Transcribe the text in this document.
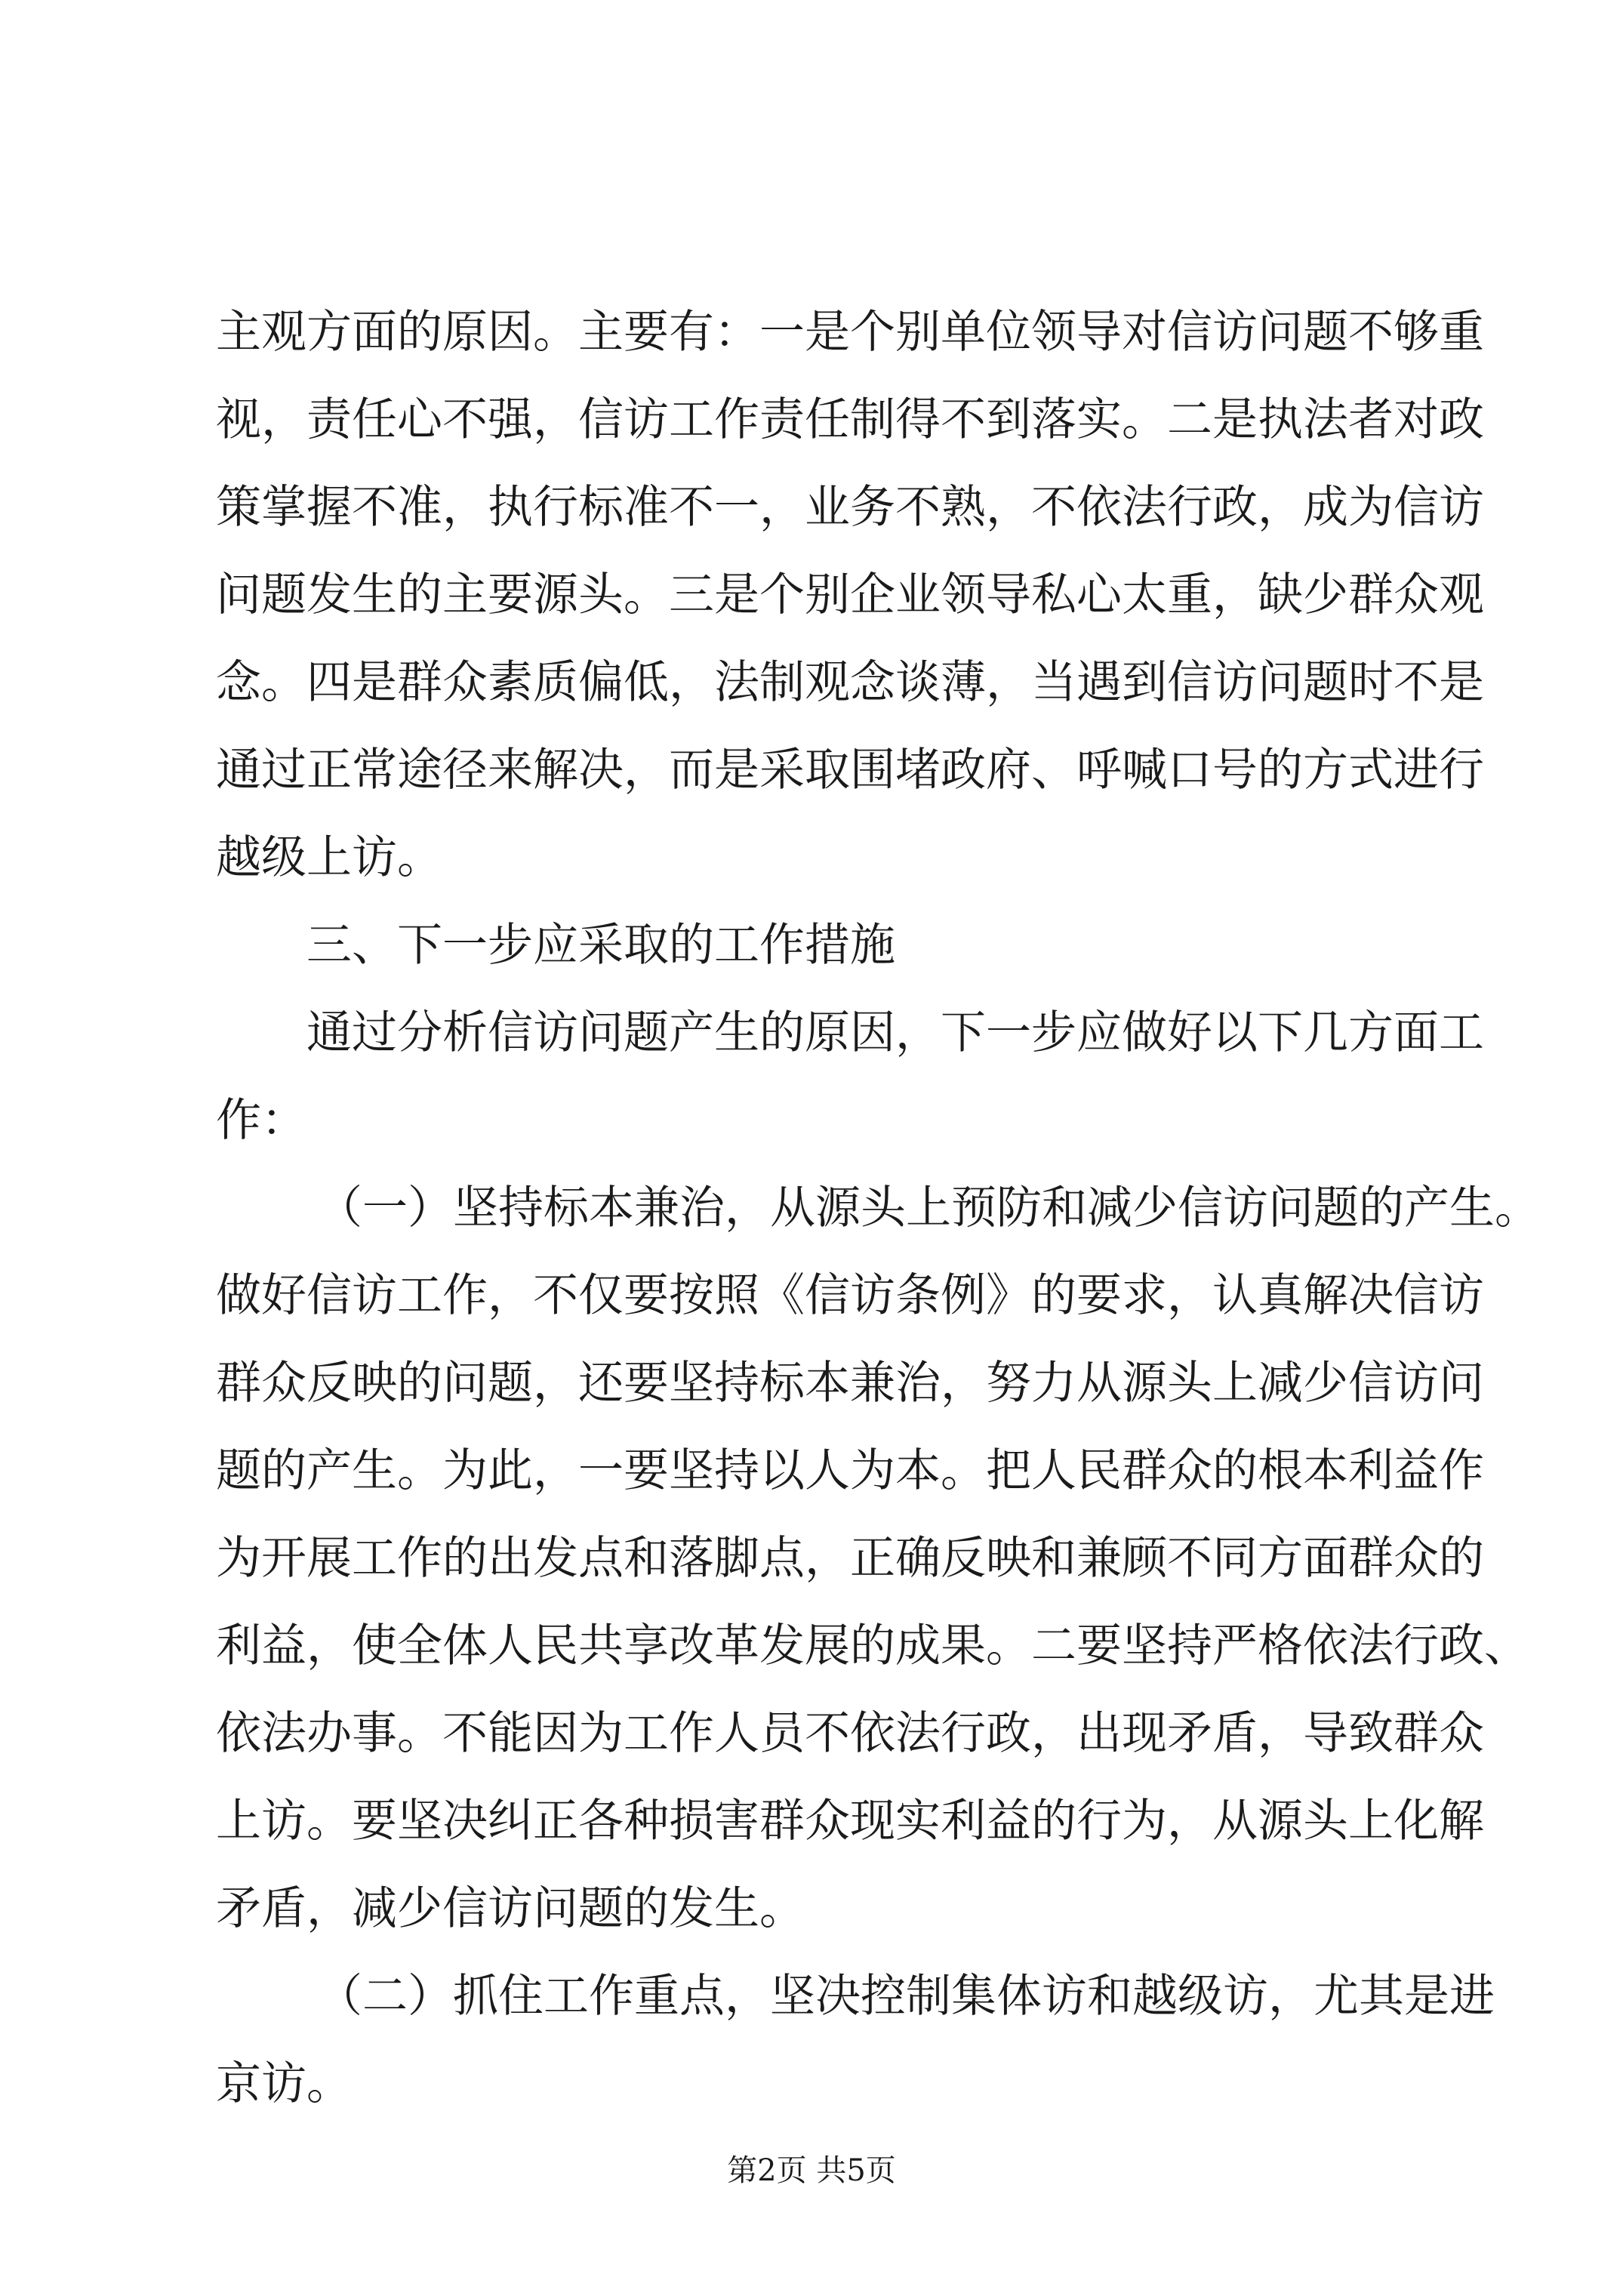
主观方面的原因。主要有：一是个别单位领导对信访问题不够重
视，责任心不强，信访工作责任制得不到落实。二是执法者对政
策掌握不准，执行标准不一，业务不熟，不依法行政，成为信访
问题发生的主要源头。三是个别企业领导私心太重，缺少群众观
念。四是群众素质偏低，法制观念谈薄，当遇到信访问题时不是
通过正常途径来解决，而是采取围堵政府、呼喊口号的方式进行
越级上访。
三、下一步应采取的工作措施
通过分析信访问题产生的原因，下一步应做好以下几方面工
作：
（一）坚持标本兼治，从源头上预防和减少信访问题的产生。
做好信访工作，不仅要按照《信访条例》的要求，认真解决信访
群众反映的问题，还要坚持标本兼治，努力从源头上减少信访问
题的产生。为此，一要坚持以人为本。把人民群众的根本利益作
为开展工作的出发点和落脚点，正确反映和兼顾不同方面群众的
利益，使全体人民共享改革发展的成果。二要坚持严格依法行政、
依法办事。不能因为工作人员不依法行政，出现矛盾，导致群众
上访。要坚决纠正各种损害群众现实利益的行为，从源头上化解
矛盾，减少信访问题的发生。
（二）抓住工作重点，坚决控制集体访和越级访，尤其是进
京访。
第2页 共5页
